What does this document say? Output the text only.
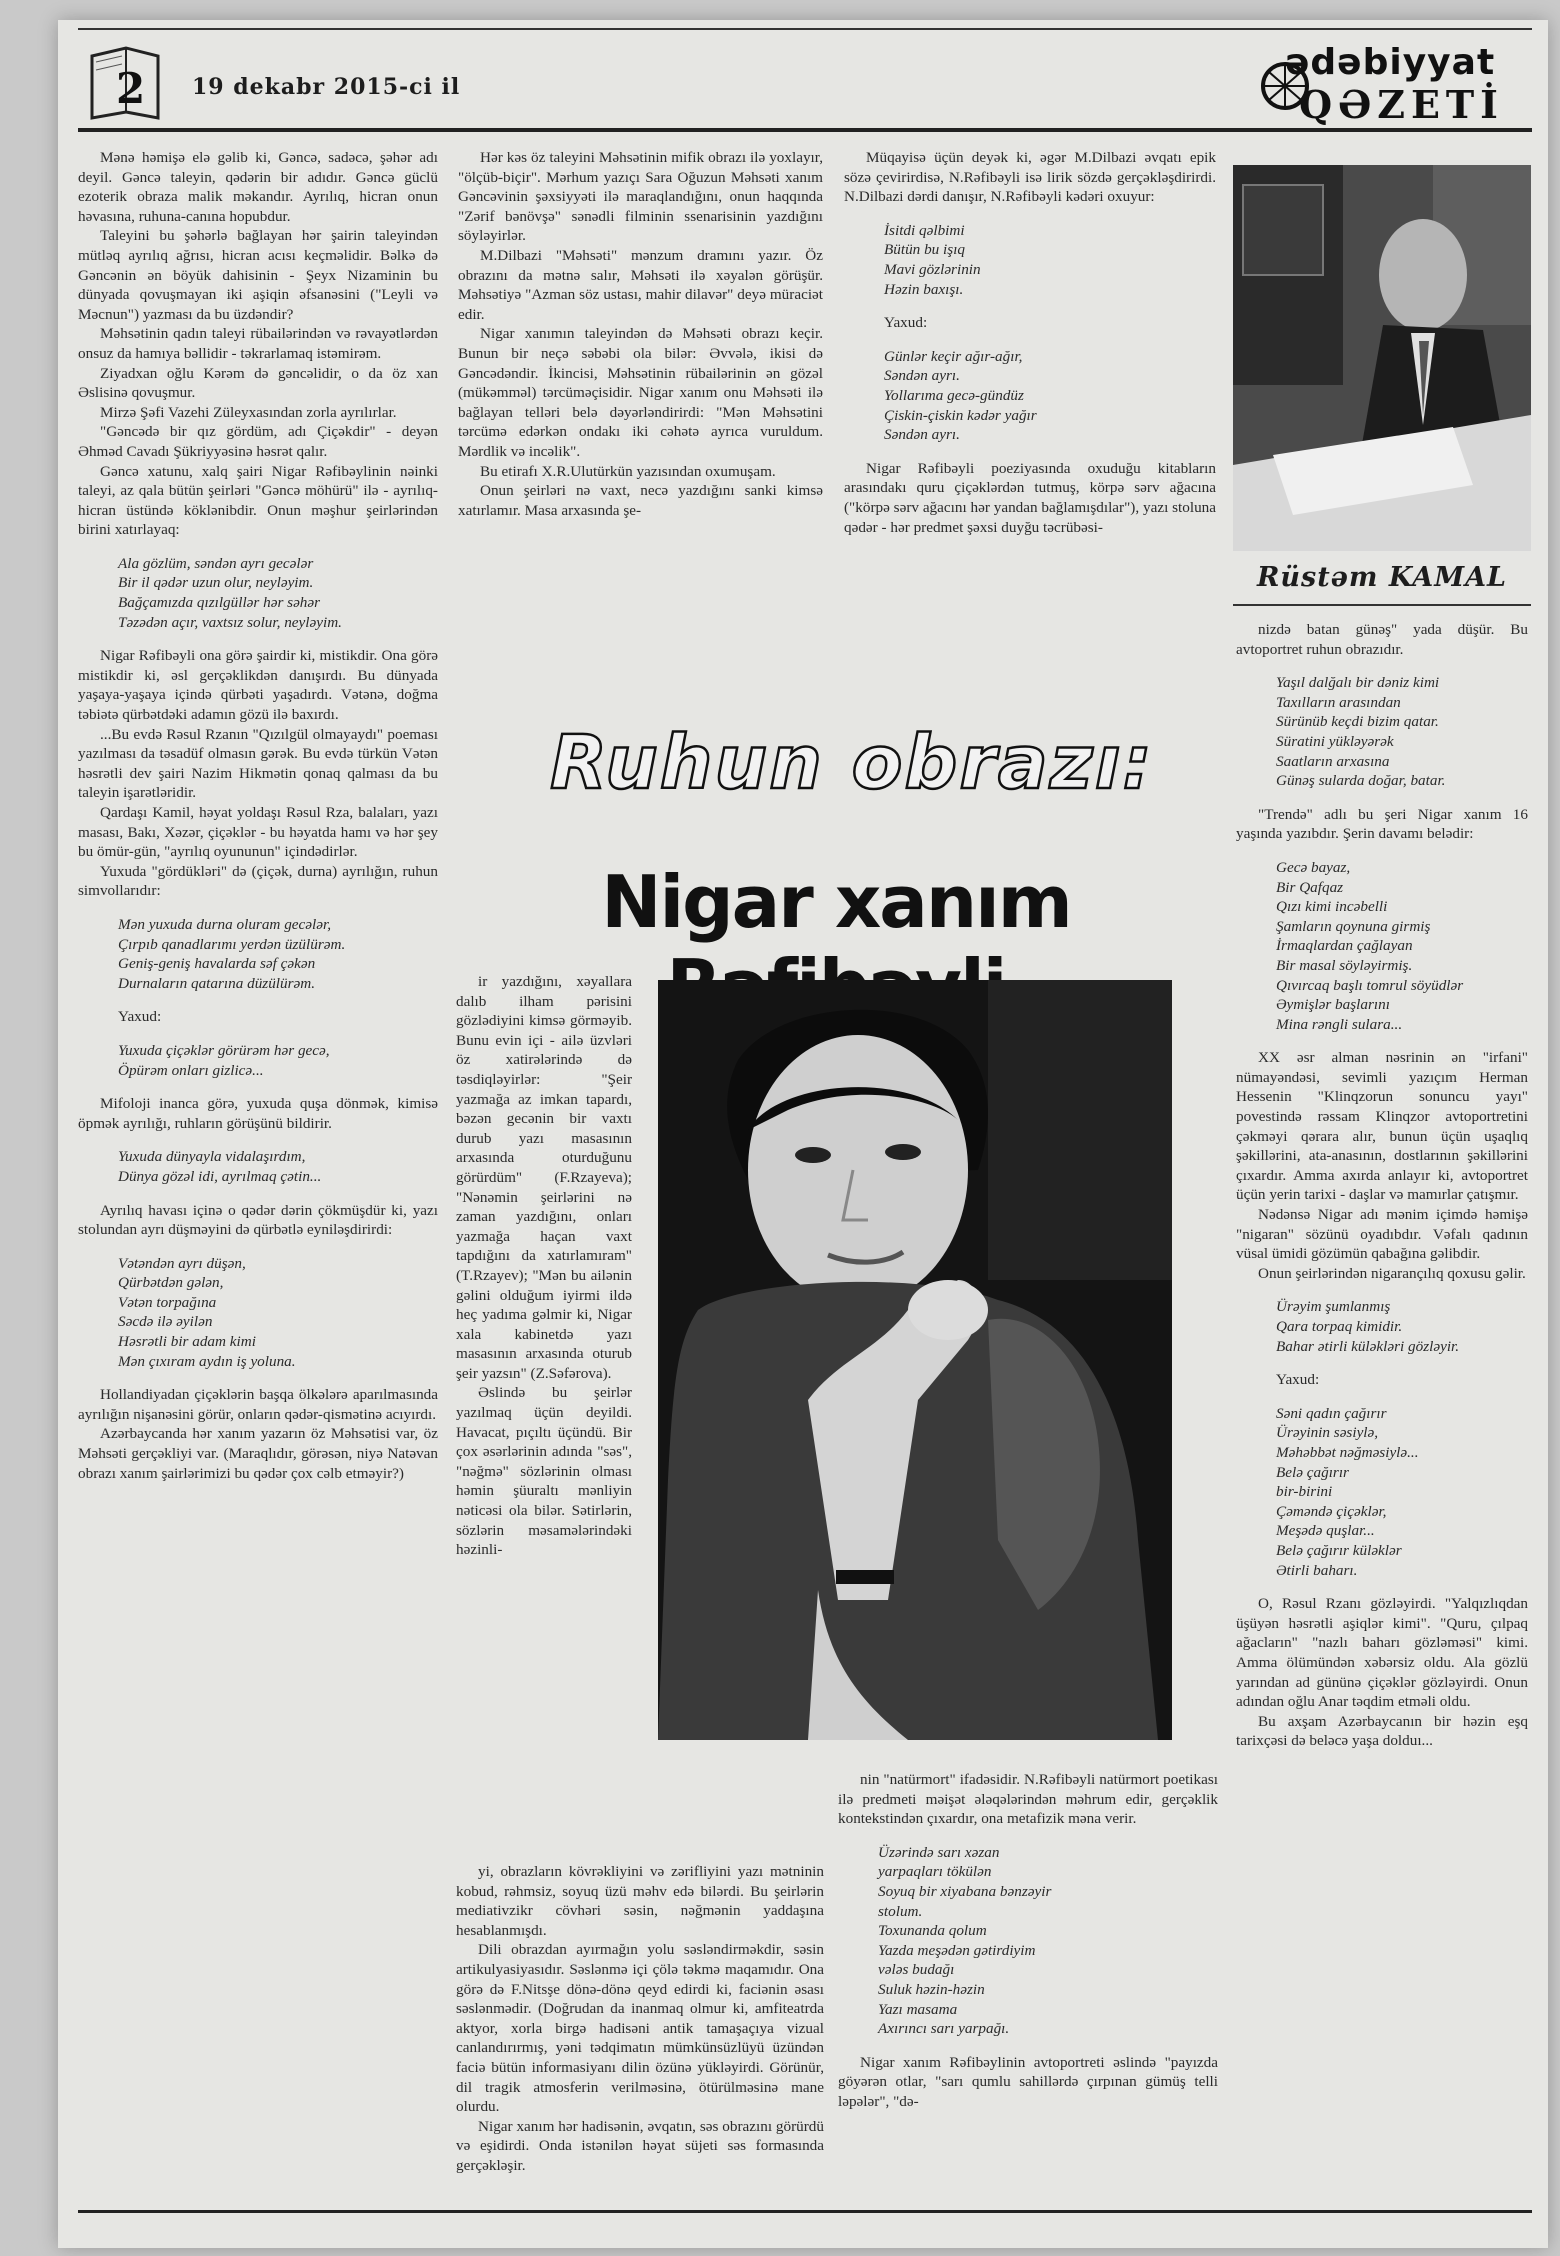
2 19 dekabr 2015-ci il
ədəbiyyat
QƏZETİ

Mənə həmişə elə gəlib ki, Gəncə, sadəcə, şəhər adı deyil. Gəncə taleyin, qədərin bir adıdır. Gəncə güclü ezoterik obraza malik məkandır. Ayrılıq, hicran onun həvasına, ruhuna-canına hopubdur.

Taleyini bu şəhərlə bağlayan hər şairin taleyindən mütləq ayrılıq ağrısı, hicran acısı keçməlidir. Bəlkə də Gəncənin ən böyük dahisinin - Şeyx Nizaminin bu dünyada qovuşmayan iki aşiqin əfsanəsini ("Leyli və Məcnun") yazması da bu üzdəndir?

Məhsətinin qadın taleyi rübailərindən və rəvayətlərdən onsuz da hamıya bəllidir - təkrarlamaq istəmirəm.

Ziyadxan oğlu Kərəm də gəncəlidir, o da öz xan Əslisinə qovuşmur.

Mirzə Şəfi Vazehi Züleyxasından zorla ayrılırlar.

"Gəncədə bir qız gördüm, adı Çiçəkdir" - deyən Əhməd Cavadı Şükriyyəsinə həsrət qalır.

Gəncə xatunu, xalq şairi Nigar Rəfibəylinin nəinki taleyi, az qala bütün şeirləri "Gəncə möhürü" ilə - ayrılıq-hicran üstündə köklənibdir. Onun məşhur şeirlərindən birini xatırlayaq:

Ala gözlüm, səndən ayrı gecələr
Bir il qədər uzun olur, neyləyim.
Bağçamızda qızılgüllər hər səhər
Təzədən açır, vaxtsız solur, neyləyim.

Nigar Rəfibəyli ona görə şairdir ki, mistikdir. Ona görə mistikdir ki, əsl gerçəklikdən danışırdı. Bu dünyada yaşaya-yaşaya içində qürbəti yaşadırdı. Vətənə, doğma təbiətə qürbətdəki adamın gözü ilə baxırdı.

...Bu evdə Rəsul Rzanın "Qızılgül olmayaydı" poeması yazılması da təsadüf olmasın gərək. Bu evdə türkün Vətən həsrətli dev şairi Nazim Hikmətin qonaq qalması da bu taleyin işarətləridir.

Qardaşı Kamil, həyat yoldaşı Rəsul Rza, balaları, yazı masası, Bakı, Xəzər, çiçəklər - bu həyatda hamı və hər şey bu ömür-gün, "ayrılıq oyununun" içindədirlər.

Yuxuda "gördükləri" də (çiçək, durna) ayrılığın, ruhun simvollarıdır:

Mən yuxuda durna oluram gecələr,
Çırpıb qanadlarımı yerdən üzülürəm.
Geniş-geniş havalarda səf çəkən
Durnaların qatarına düzülürəm.
Yaxud:
Yuxuda çiçəklər görürəm hər gecə,
Öpürəm onları gizlicə...

Mifoloji inanca görə, yuxuda quşa dönmək, kimisə öpmək ayrılığı, ruhların görüşünü bildirir.

Yuxuda dünyayla vidalaşırdım,
Dünya gözəl idi, ayrılmaq çətin...

Ayrılıq havası içinə o qədər dərin çökmüşdür ki, yazı stolundan ayrı düşməyini də qürbətlə eyniləşdirirdi:

Vətəndən ayrı düşən,
Qürbətdən gələn,
Vətən torpağına
Səcdə ilə əyilən
Həsrətli bir adam kimi
Mən çıxıram aydın iş yoluna.

Hollandiyadan çiçəklərin başqa ölkələrə aparılmasında ayrılığın nişanəsini görür, onların qədər-qismətinə acıyırdı.

Azərbaycanda hər xanım yazarın öz Məhsətisi var, öz Məhsəti gerçəkliyi var. (Maraqlıdır, görəsən, niyə Natəvan obrazı xanım şairlərimizi bu qədər çox cəlb etməyir?)

Hər kəs öz taleyini Məhsətinin mifik obrazı ilə yoxlayır, "ölçüb-biçir". Mərhum yazıçı Sara Oğuzun Məhsəti xanım Gəncəvinin şəxsiyyəti ilə maraqlandığını, onun haqqında "Zərif bənövşə" sənədli filminin ssenarisinin yazdığını söyləyirlər.

M.Dilbazi "Məhsəti" mənzum dramını yazır. Öz obrazını da mətnə salır, Məhsəti ilə xəyalən görüşür. Məhsətiyə "Azman söz ustası, mahir dilavər" deyə müraciət edir.

Nigar xanımın taleyindən də Məhsəti obrazı keçir. Bunun bir neçə səbəbi ola bilər: Əvvələ, ikisi də Gəncədəndir. İkincisi, Məhsətinin rübailərinin ən gözəl (mükəmməl) tərcüməçisidir. Nigar xanım onu Məhsəti ilə bağlayan telləri belə dəyərləndirirdi: "Mən Məhsətini tərcümə edərkən ondakı iki cəhətə ayrıca vuruldum. Mərdlik və incəlik".

Bu etirafı X.R.Ulutürkün yazısından oxumuşam.

Onun şeirləri nə vaxt, necə yazdığını sanki kimsə xatırlamır. Masa arxasında şe-

Müqayisə üçün deyək ki, əgər M.Dilbazi əvqatı epik sözə çevirirdisə, N.Rəfibəyli isə lirik sözdə gerçəkləşdirirdi. N.Dilbazi dərdi danışır, N.Rəfibəyli kədəri oxuyur:

İsitdi qəlbimi
Bütün bu işıq
Mavi gözlərinin
Həzin baxışı.
Yaxud:
Günlər keçir ağır-ağır,
Səndən ayrı.
Yollarıma gecə-gündüz
Çiskin-çiskin kədər yağır
Səndən ayrı.

Nigar Rəfibəyli poeziyasında oxuduğu kitabların arasındakı quru çiçəklərdən tutmuş, körpə sərv ağacına ("körpə sərv ağacını hər yandan bağlamışdılar"), yazı stoluna qədər - hər predmet şəxsi duyğu təcrübəsi-

Rüstəm KAMAL
Ruhun obrazı:
Nigar xanım

ir yazdığını, xəyallara dalıb ilham pərisini gözlədiyini kimsə görməyib. Bunu evin içi - ailə üzvləri öz xatirələrində də təsdiqləyirlər: "Şeir yazmağa az imkan tapardı, bəzən gecənin bir vaxtı durub yazı masasının arxasında oturduğunu görürdüm" (F.Rzayeva); "Nənəmin şeirlərini nə zaman yazdığını, onları yazmağa haçan vaxt tapdığını da xatırlamıram" (T.Rzayev); "Mən bu ailənin gəlini olduğum iyirmi ildə heç yadıma gəlmir ki, Nigar xala kabinetdə yazı masasının arxasında oturub şeir yazsın" (Z.Səfərova).

Əslində bu şeirlər yazılmaq üçün deyildi. Havacat, pıçıltı üçündü. Bir çox əsərlərinin adında "səs", "nəğmə" sözlərinin olması həmin şüuraltı mənliyin nəticəsi ola bilər. Sətirlərin, sözlərin məsamələrindəki həzinli-

yi, obrazların kövrəkliyini və zərifliyini yazı mətninin kobud, rəhmsiz, soyuq üzü məhv edə bilərdi. Bu şeirlərin mediativzikr cövhəri səsin, nəğmənin yaddaşına hesablanmışdı.

Dili obrazdan ayırmağın yolu səsləndirməkdir, səsin artikulyasiyasıdır. Səslənmə içi çölə təkmə maqamıdır. Ona görə də F.Nitsşe dönə-dönə qeyd edirdi ki, faciənin əsası səslənmədir. (Doğrudan da inanmaq olmur ki, amfiteatrda aktyor, xorla birgə hadisəni antik tamaşaçıya vizual canlandırırmış, yəni tədqimatın mümkünsüzlüyü üzündən faciə bütün informasiyanı dilin özünə yükləyirdi. Görünür, dil tragik atmosferin verilməsinə, ötürülməsinə mane olurdu.

Nigar xanım hər hadisənin, əvqatın, səs obrazını görürdü və eşidirdi. Onda istənilən həyat süjeti səs formasında gerçəkləşir.

nin "natürmort" ifadəsidir. N.Rəfibəyli natürmort poetikası ilə predmeti məişət ələqələrindən məhrum edir, gerçəklik kontekstindən çıxardır, ona metafizik məna verir.

Üzərində sarı xəzan
yarpaqları tökülən
Soyuq bir xiyabana bənzəyir
stolum.
Toxunanda qolum
Yazda meşədən gətirdiyim
vələs budağı
Suluk həzin-həzin
Yazı masama
Axırıncı sarı yarpağı.

Nigar xanım Rəfibəylinin avtoportreti əslində "payızda göyərən otlar, "sarı qumlu sahillərdə çırpınan gümüş telli ləpələr", "də-

nizdə batan günəş" yada düşür. Bu avtoportret ruhun obrazıdır.

Yaşıl dalğalı bir dəniz kimi
Taxılların arasından
Sürünüb keçdi bizim qatar.
Süratini yükləyərək
Saatların arxasına
Günəş sulardа doğar, batar.

"Trendə" adlı bu şeri Nigar xanım 16 yaşında yazıbdır. Şerin davamı belədir:

Gecə bayaz,
Bir Qafqaz
Qızı kimi incəbelli
Şamların qoynuna girmiş
İrmaqlardan çağlayan
Bir masal söyləyirmiş.
Qıvırcaq başlı tomrul söyüdlər
Əymişlər başlarını
Mina rəngli sulara...

XX əsr alman nəsrinin ən "irfani" nümayəndəsi, sevimli yazıçım Herman Hessenin "Klinqzorun sonuncu yayı" povestində rəssam Klinqzor avtoportretini çəkməyi qərara alır, bunun üçün uşaqlıq şəkillərini, ata-anasının, dostlarının şəkillərini çıxardır. Amma axırda anlayır ki, avtoportret üçün yerin tarixi - daşlar və mamırlar çatışmır.

Nədənsə Nigar adı mənim içimdə həmişə "nigaran" sözünü oyadıbdır. Vəfalı qadının vüsal ümidi gözümün qabağına gəlibdir.

Onun şeirlərindən nigarançılıq qoxusu gəlir.

Ürəyim şumlanmış
Qara torpaq kimidir.
Bahar ətirli küləkləri gözləyir.
Yaxud:
Səni qadın çağırır
Ürəyinin səsiylə,
Məhəbbət nəğməsiylə...
Belə çağırır
bir-birini
Çəməndə çiçəklər,
Meşədə quşlar...
Belə çağırır küləklər
Ətirli baharı.

O, Rəsul Rzanı gözləyirdi. "Yalqızlıqdan üşüyən həsrətli aşiqlər kimi". "Quru, çılpaq ağacların" "nazlı baharı gözləməsi" kimi. Amma ölümündən xəbərsiz oldu. Ala gözlü yarından ad gününə çiçəklər gözləyirdi. Onun adından oğlu Anar təqdim etməli oldu.

Bu axşam Azərbaycanın bir həzin eşq tarixçəsi də beləcə yaşa dolduı...
